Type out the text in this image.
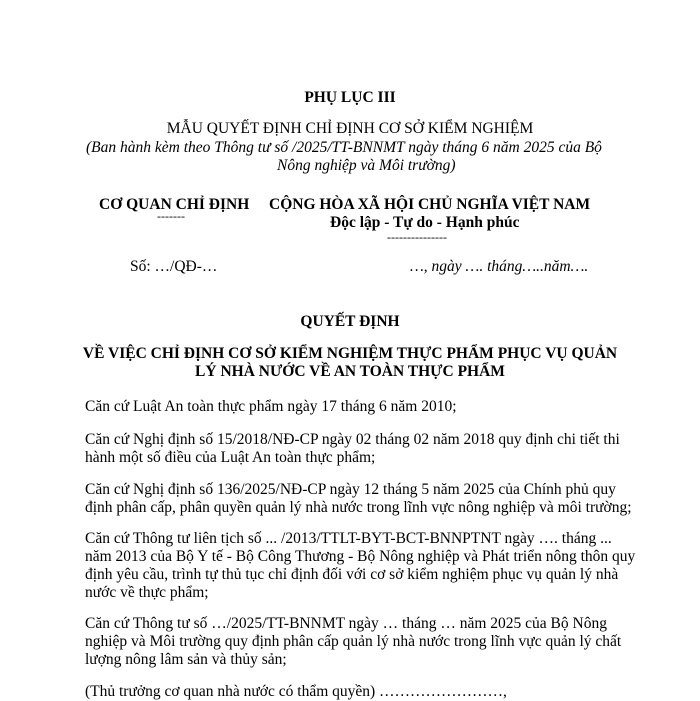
PHỤ LỤC III
MẪU QUYẾT ĐỊNH CHỈ ĐỊNH CƠ SỞ KIỂM NGHIỆM
(Ban hành kèm theo Thông tư số /2025/TT-BNNMT ngày tháng 6 năm 2025 của Bộ
Nông nghiệp và Môi trường)
CƠ QUAN CHỈ ĐỊNH
-------
CỘNG HÒA XÃ HỘI CHỦ NGHĨA VIỆT NAM
Độc lập - Tự do - Hạnh phúc
---------------
Số: …/QĐ-…	…, ngày …. tháng…..năm….
QUYẾT ĐỊNH
VỀ VIỆC CHỈ ĐỊNH CƠ SỞ KIỂM NGHIỆM THỰC PHẨM PHỤC VỤ QUẢN
LÝ NHÀ NƯỚC VỀ AN TOÀN THỰC PHẨM
Căn cứ Luật An toàn thực phẩm ngày 17 tháng 6 năm 2010;
Căn cứ Nghị định số 15/2018/NĐ-CP ngày 02 tháng 02 năm 2018 quy định chi tiết thi
hành một số điều của Luật An toàn thực phẩm;
Căn cứ Nghị định số 136/2025/NĐ-CP ngày 12 tháng 5 năm 2025 của Chính phủ quy
định phân cấp, phân quyền quản lý nhà nước trong lĩnh vực nông nghiệp và môi trường;
Căn cứ Thông tư liên tịch số ... /2013/TTLT-BYT-BCT-BNNPTNT ngày …. tháng ...
năm 2013 của Bộ Y tế - Bộ Công Thương - Bộ Nông nghiệp và Phát triển nông thôn quy
định yêu cầu, trình tự thủ tục chỉ định đối với cơ sở kiểm nghiệm phục vụ quản lý nhà
nước về thực phẩm;
Căn cứ Thông tư số …/2025/TT-BNNMT ngày … tháng … năm 2025 của Bộ Nông
nghiệp và Môi trường quy định phân cấp quản lý nhà nước trong lĩnh vực quản lý chất
lượng nông lâm sản và thủy sản;
(Thủ trưởng cơ quan nhà nước có thẩm quyền) ……………………,
